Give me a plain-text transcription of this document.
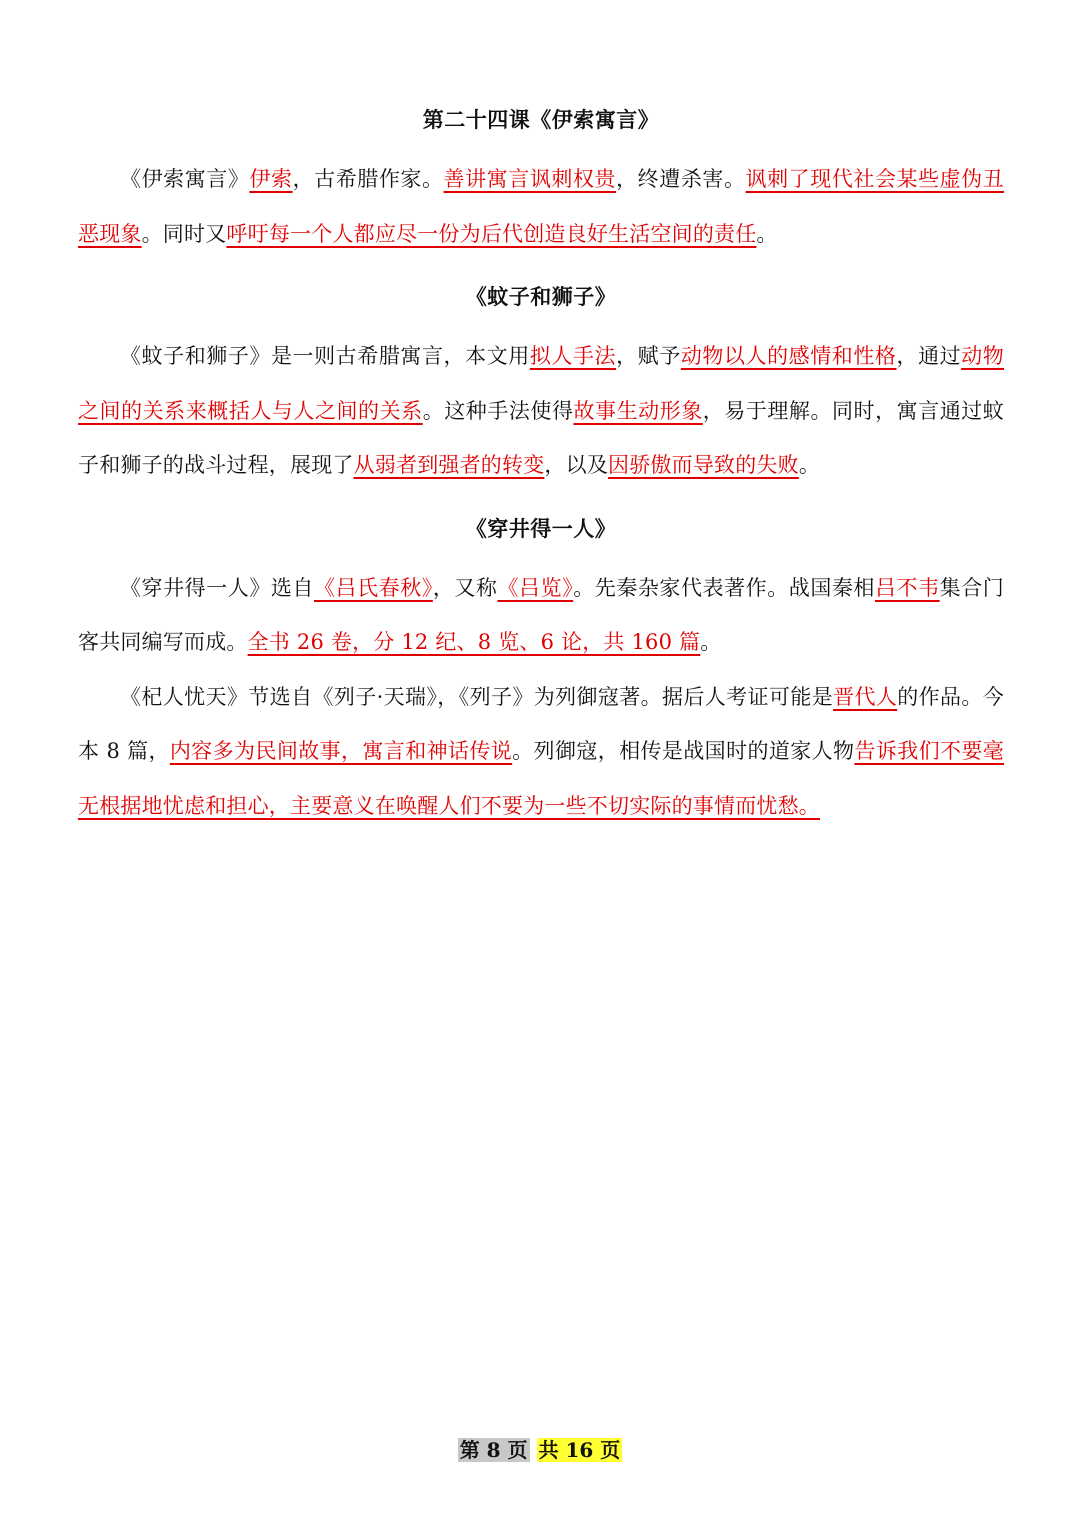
第二十四课《伊索寓言》

《伊索寓言》伊索，古希腊作家。善讲寓言讽刺权贵，终遭杀害。讽刺了现代社会某些虚伪丑恶现象。同时又呼吁每一个人都应尽一份为后代创造良好生活空间的责任。

《蚊子和狮子》

《蚊子和狮子》是一则古希腊寓言，本文用拟人手法，赋予动物以人的感情和性格，通过动物之间的关系来概括人与人之间的关系。这种手法使得故事生动形象，易于理解。同时，寓言通过蚊子和狮子的战斗过程，展现了从弱者到强者的转变，以及因骄傲而导致的失败。

《穿井得一人》

《穿井得一人》选自《吕氏春秋》，又称《吕览》。先秦杂家代表著作。战国秦相吕不韦集合门客共同编写而成。全书 26 卷，分 12 纪、8 览、6 论，共 160 篇。

《杞人忧天》节选自《列子·天瑞》，《列子》为列御寇著。据后人考证可能是晋代人的作品。今本 8 篇，内容多为民间故事，寓言和神话传说。列御寇，相传是战国时的道家人物告诉我们不要毫无根据地忧虑和担心，主要意义在唤醒人们不要为一些不切实际的事情而忧愁。

第 8 页 共 16 页
